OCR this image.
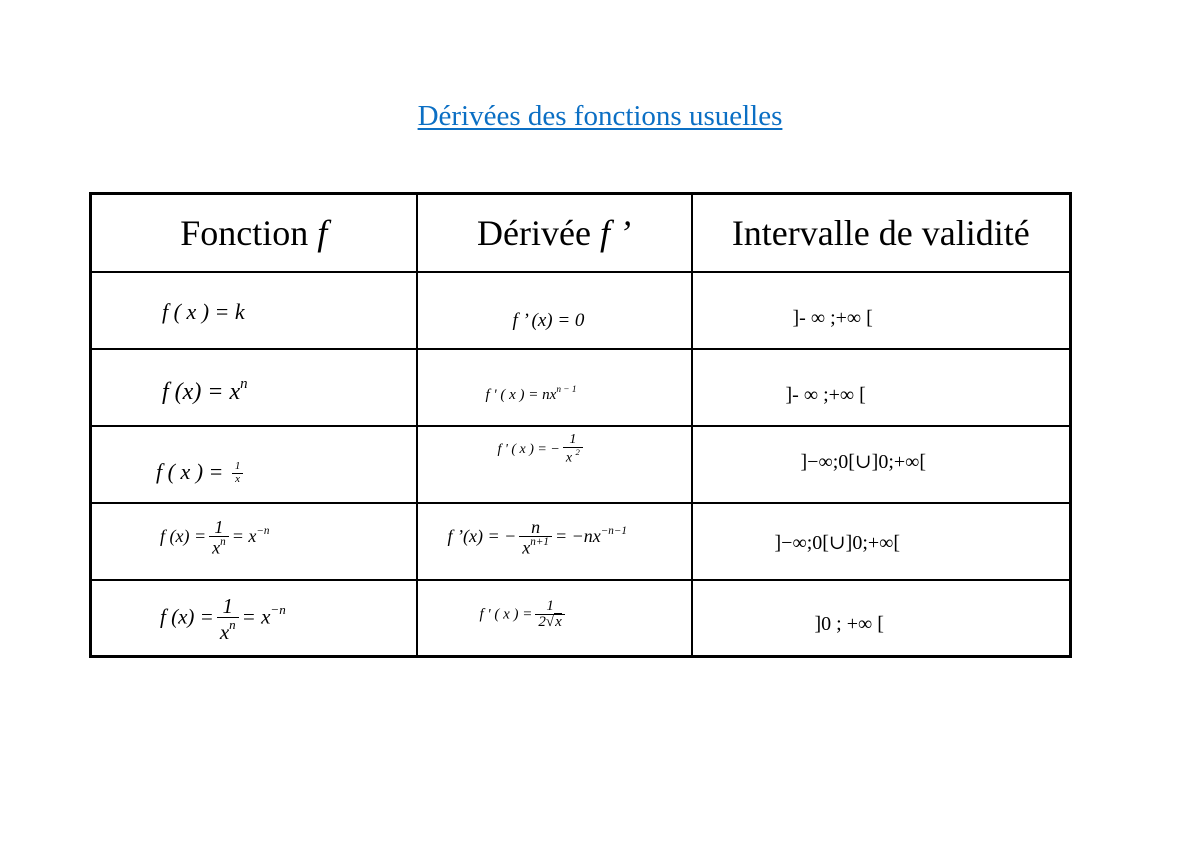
Dérivées des fonctions usuelles
Fonction f	Dérivée f ’	Intervalle de validité

f ( x ) = k	f ’ (x) = 0	]- ∞ ;+∞ [

f $(x) = x^n$	f ' ( x ) = $nx^{n - 1}$	]- ∞ ;+∞ [

f ( x ) = $\frac{1}{x}$	f ' ( x ) = − $\frac{1}{x ^2}$	]−∞;0[∪]0;+∞[

f $(x) = \frac{1}{x^n} = x^{-n}$	f ’(x) = − $\frac{n}{x^{n+1}} = -nx^{-n-1}$	]−∞;0[∪]0;+∞[

f $(x) = \frac{1}{x^n} = x^{-n}$	f ' ( x ) = $\frac{1}{2√x}$	]0 ; +∞ [
